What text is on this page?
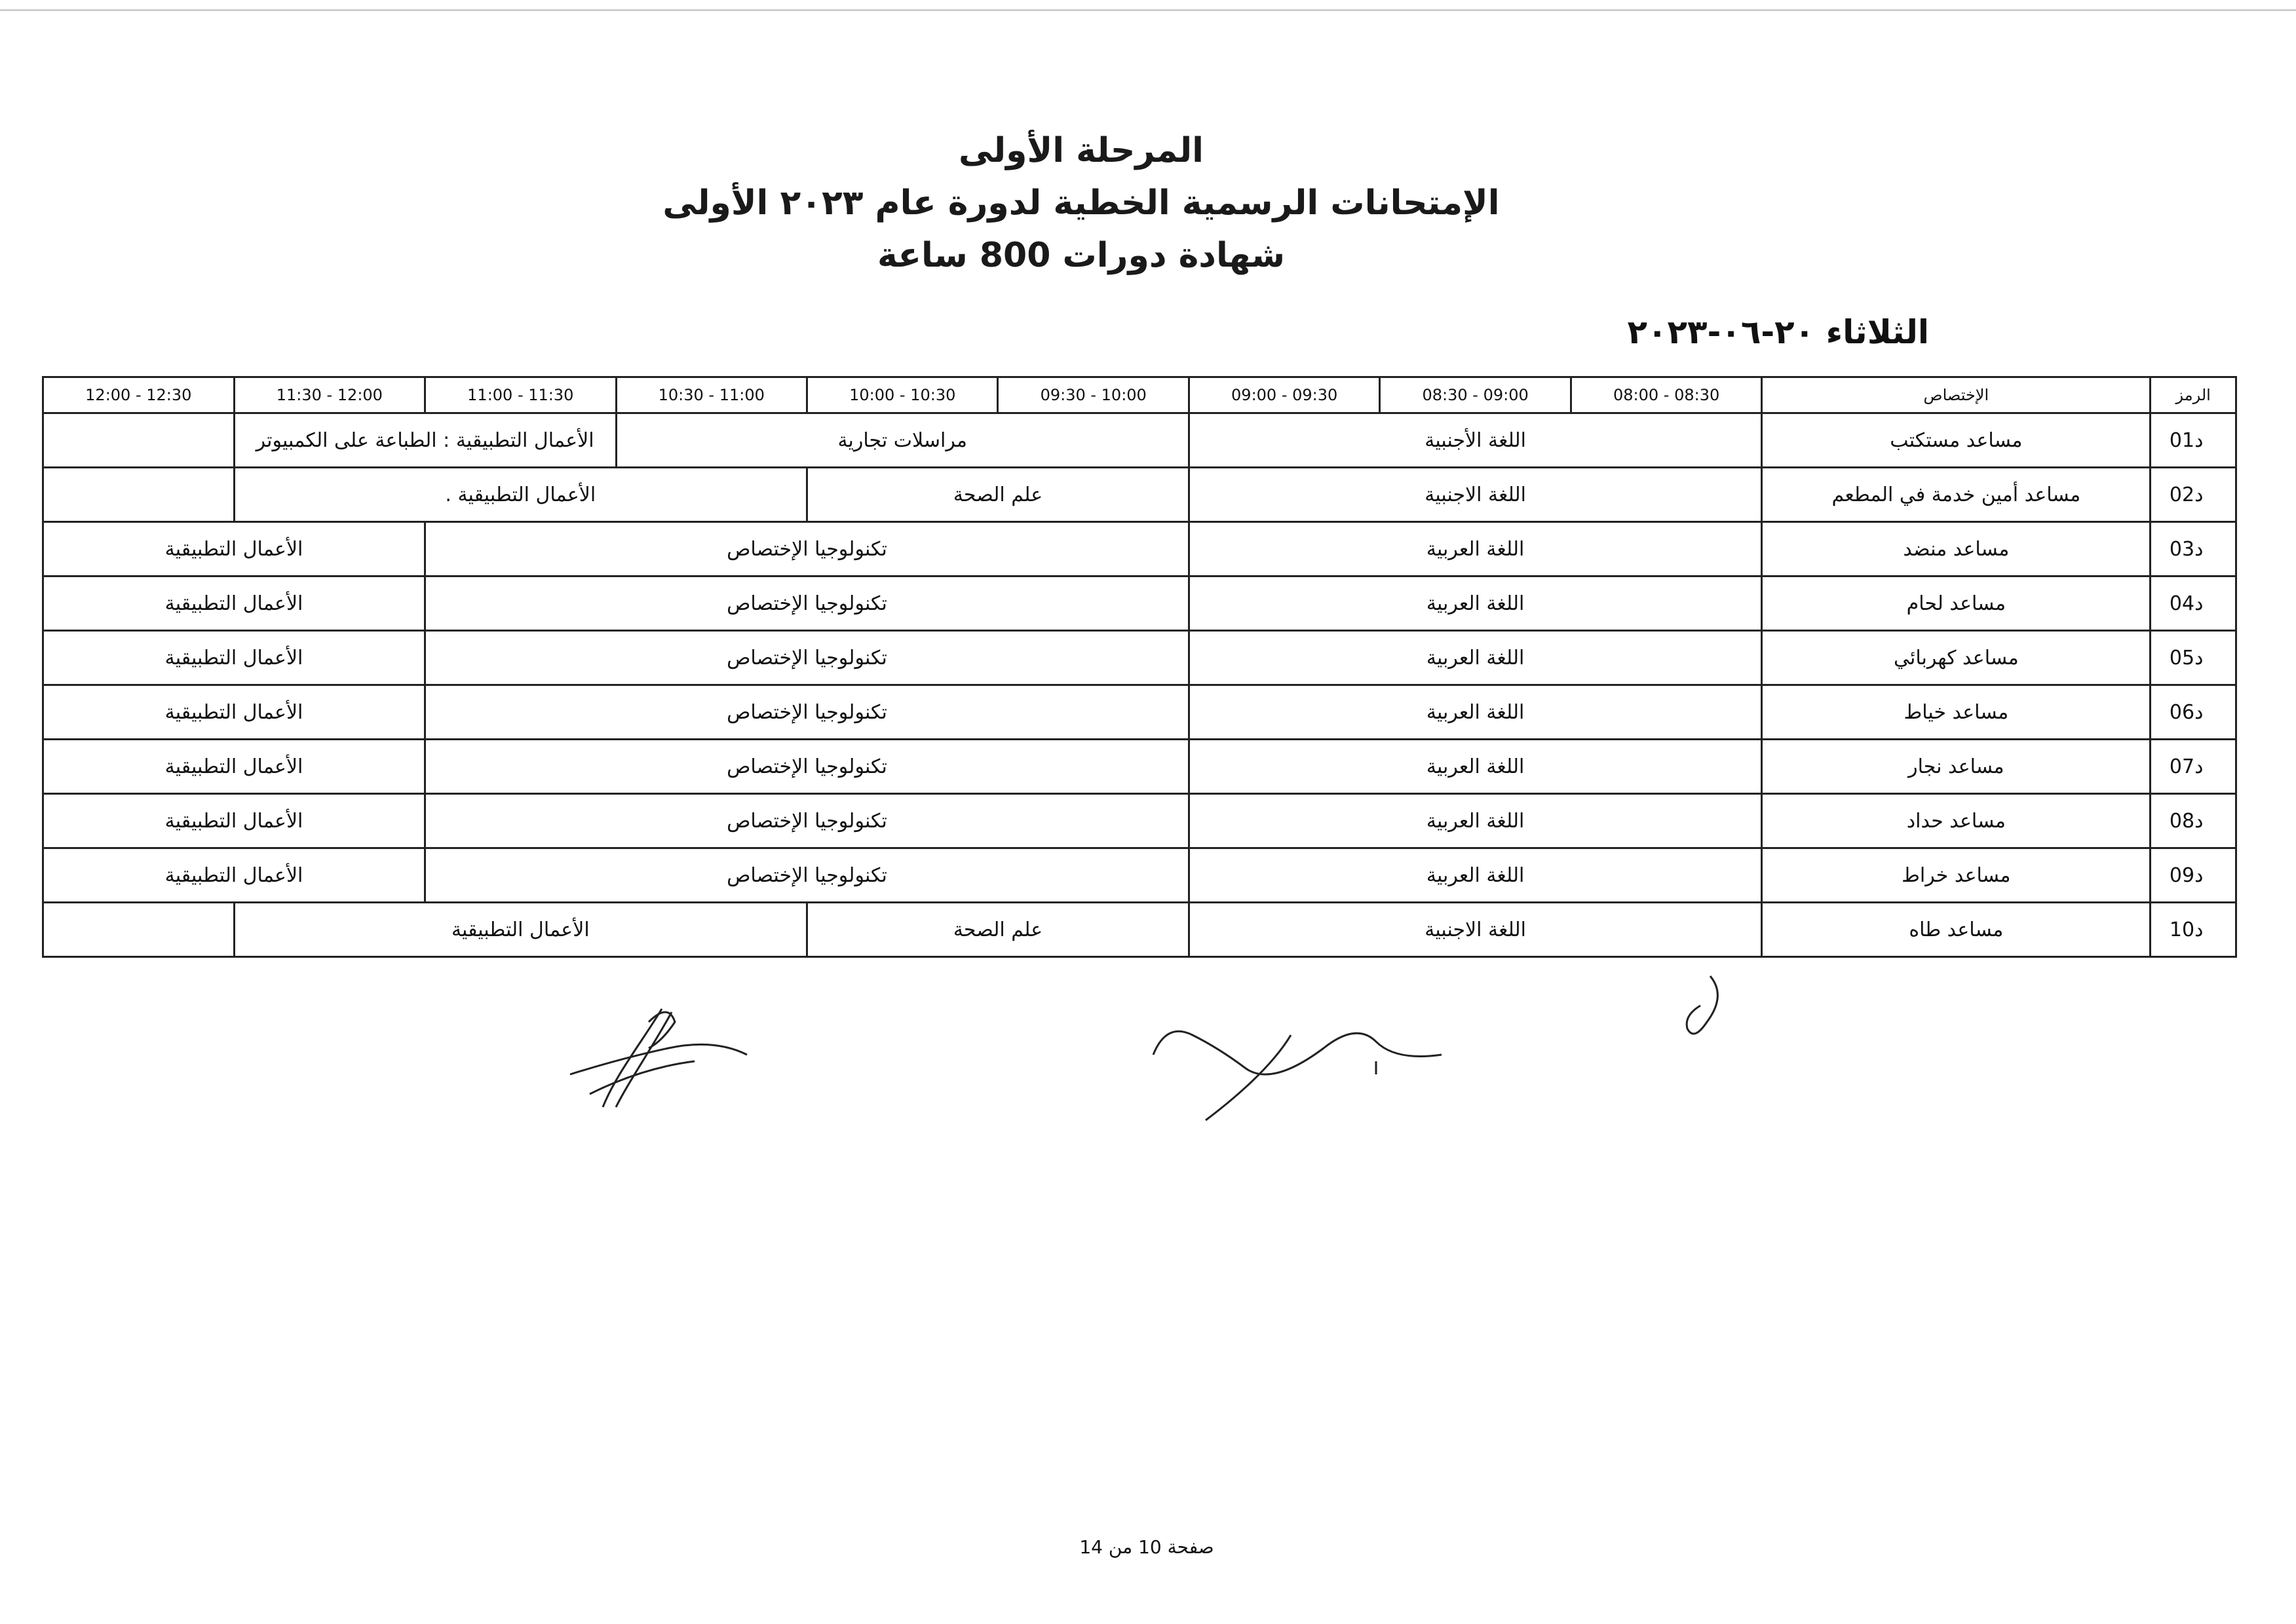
المرحلة الأولى
الإمتحانات الرسمية الخطية لدورة عام ٢٠٢٣ الأولى
شهادة دورات 800 ساعة
الثلاثاء ٢٠-٠٦-٢٠٢٣
الرمز	الإختصاص	08:30 - 08:00	09:00 - 08:30	09:30 - 09:00	10:00 - 09:30	10:30 - 10:00	11:00 - 10:30	11:30 - 11:00	12:00 - 11:30	12:30 - 12:00
د01	مساعد مستكتب	اللغة الأجنبية			مراسلات تجارية			الأعمال التطبيقية : الطباعة على الكمبيوتر		
د02	مساعد أمين خدمة في المطعم	اللغة الاجنبية			علم الصحة		الأعمال التطبيقية .			
د03	مساعد منضد	اللغة العربية			تكنولوجيا الإختصاص				الأعمال التطبيقية	
د04	مساعد لحام	اللغة العربية			تكنولوجيا الإختصاص				الأعمال التطبيقية	
د05	مساعد كهربائي	اللغة العربية			تكنولوجيا الإختصاص				الأعمال التطبيقية	
د06	مساعد خياط	اللغة العربية			تكنولوجيا الإختصاص				الأعمال التطبيقية	
د07	مساعد نجار	اللغة العربية			تكنولوجيا الإختصاص				الأعمال التطبيقية	
د08	مساعد حداد	اللغة العربية			تكنولوجيا الإختصاص				الأعمال التطبيقية	
د09	مساعد خراط	اللغة العربية			تكنولوجيا الإختصاص				الأعمال التطبيقية	
د10	مساعد طاه	اللغة الاجنبية			علم الصحة		الأعمال التطبيقية			
صفحة 10 من 14
